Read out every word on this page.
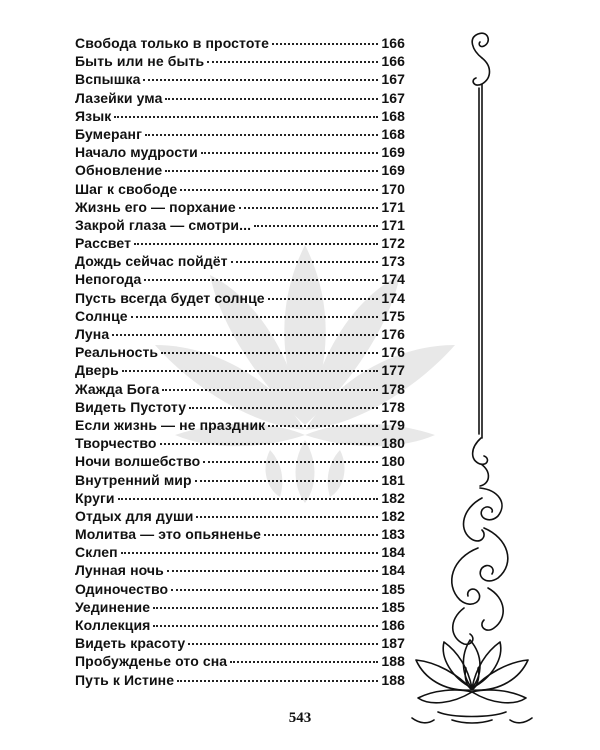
Свобода только в простоте	166
Быть или не быть	166
Вспышка	167
Лазейки ума	167
Язык	168
Бумеранг	168
Начало мудрости	169
Обновление	169
Шаг к свободе	170
Жизнь его — порхание	171
Закрой глаза — смотри...	171
Рассвет	172
Дождь сейчас пойдёт	173
Непогода	174
Пусть всегда будет солнце	174
Солнце	175
Луна	176
Реальность	176
Дверь	177
Жажда Бога	178
Видеть Пустоту	178
Если жизнь — не праздник	179
Творчество	180
Ночи волшебство	180
Внутренний мир	181
Круги	182
Отдых для души	182
Молитва — это опьяненье	183
Склеп	184
Лунная ночь	184
Одиночество	185
Уединение	185
Коллекция	186
Видеть красоту	187
Пробужденье ото сна	188
Путь к Истине	188
543
